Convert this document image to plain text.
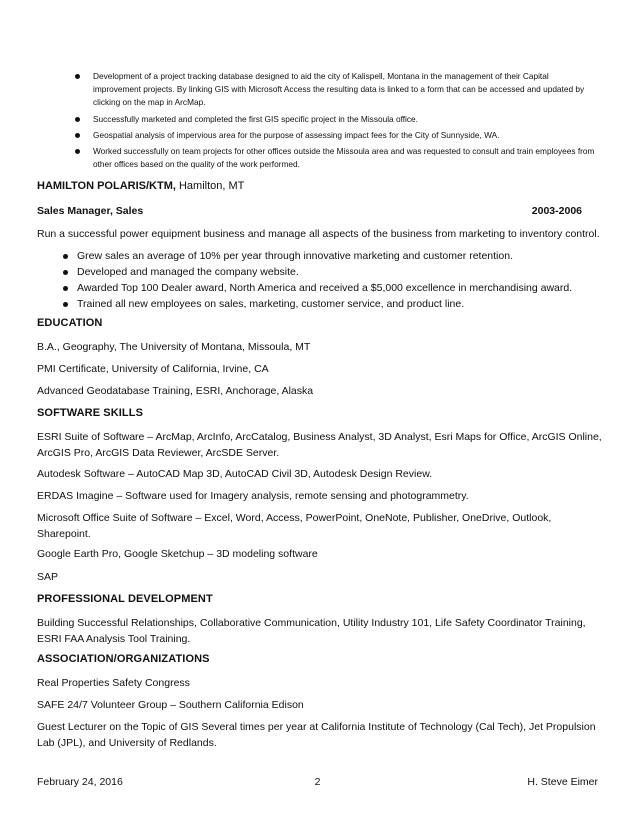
Development of a project tracking database designed to aid the city of Kalispell, Montana in the management of their Capital improvement projects. By linking GIS with Microsoft Access the resulting data is linked to a form that can be accessed and updated by clicking on the map in ArcMap.
Successfully marketed and completed the first GIS specific project in the Missoula office.
Geospatial analysis of impervious area for the purpose of assessing impact fees for the City of Sunnyside, WA.
Worked successfully on team projects for other offices outside the Missoula area and was requested to consult and train employees from other offices based on the quality of the work performed.
HAMILTON POLARIS/KTM, Hamilton, MT
Sales Manager, Sales	2003-2006
Run a successful power equipment business and manage all aspects of the business from marketing to inventory control.
Grew sales an average of 10% per year through innovative marketing and customer retention.
Developed and managed the company website.
Awarded Top 100 Dealer award, North America and received a $5,000 excellence in merchandising award.
Trained all new employees on sales, marketing, customer service, and product line.
EDUCATION
B.A., Geography, The University of Montana, Missoula, MT
PMI Certificate, University of California, Irvine, CA
Advanced Geodatabase Training, ESRI, Anchorage, Alaska
SOFTWARE SKILLS
ESRI Suite of Software – ArcMap, ArcInfo, ArcCatalog, Business Analyst, 3D Analyst, Esri Maps for Office, ArcGIS Online, ArcGIS Pro, ArcGIS Data Reviewer, ArcSDE Server.
Autodesk Software – AutoCAD Map 3D, AutoCAD Civil 3D, Autodesk Design Review.
ERDAS Imagine – Software used for Imagery analysis, remote sensing and photogrammetry.
Microsoft Office Suite of Software – Excel, Word, Access, PowerPoint, OneNote, Publisher, OneDrive, Outlook, Sharepoint.
Google Earth Pro, Google Sketchup – 3D modeling software
SAP
PROFESSIONAL DEVELOPMENT
Building Successful Relationships, Collaborative Communication, Utility Industry 101, Life Safety Coordinator Training, ESRI FAA Analysis Tool Training.
ASSOCIATION/ORGANIZATIONS
Real Properties Safety Congress
SAFE 24/7 Volunteer Group – Southern California Edison
Guest Lecturer on the Topic of GIS Several times per year at California Institute of Technology (Cal Tech), Jet Propulsion Lab (JPL), and University of Redlands.
February 24, 2016	2	H. Steve Eimer
